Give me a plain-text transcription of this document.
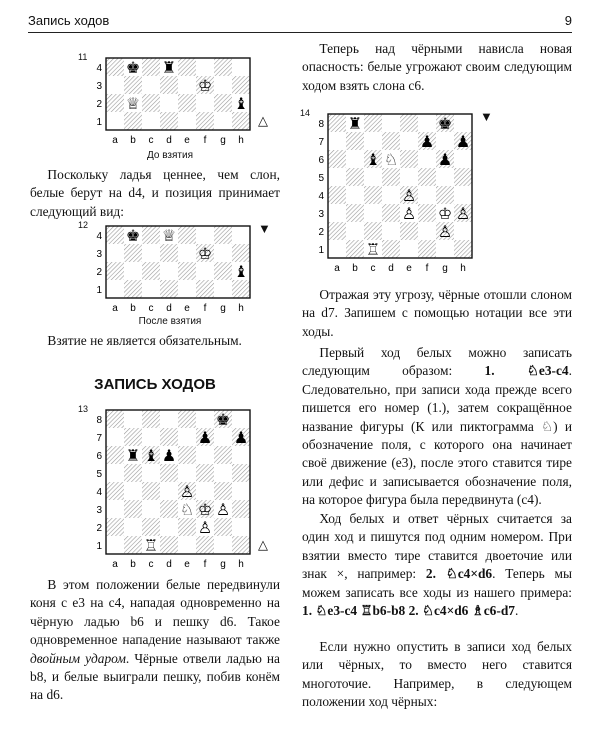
Запись ходов	9
11
4
3
2
1
a b c d e f g h
♚ ♜
♔
♕	♝
△
До взятия

Поскольку ладья ценнее, чем слон, белые берут на d4, и позиция принимает следующий вид:

12
4
3
2
1
a b c d e f g h
♚ ♕
♔
♝
▼
После взятия

Взятие не является обязательным.

ЗАПИСЬ ХОДОВ
13
8
7
6
5
4
3
2
1
a b c d e f g h
♚
♟ ♟
♜ ♝ ♟
♙
♘ ♔ ♙
♙
♖	△

В этом положении белые передвинули коня с e3 на c4, нападая одновременно на чёрную ладью b6 и пешку d6. Такое одновременное нападение называют также двойным ударом. Чёрные отвели ладью на b8, и белые выиграли пешку, побив конём на d6.

Теперь над чёрными нависла новая опасность: белые угрожают своим следующим ходом взять слона c6.

14
8
7
6
5
4
3
2
1
a b c d e f g h
♜	♚
♟ ♟
♝ ♘ ♟
♙
♙ ♔ ♙
♙
♖
▼

Отражая эту угрозу, чёрные отошли слоном на d7. Запишем с помощью нотации все эти ходы.

Первый ход белых можно записать следующим образом: 1. ♘e3-c4. Следовательно, при записи хода прежде всего пишется его номер (1.), затем сокращённое название фигуры (К или пиктограмма ♘) и обозначение поля, с которого она начинает своё движение (e3), после этого ставится тире или дефис и записывается обозначение поля, на которое фигура была передвинута (c4).

Ход белых и ответ чёрных считается за один ход и пишутся под одним номером. При взятии вместо тире ставится двоеточие или знак ×, например: 2. ♘c4×d6. Теперь мы можем записать все ходы из нашего примера: 1. ♘e3-c4 ♖b6-b8 2. ♘c4×d6 ♗c6-d7.

Если нужно опустить в записи ход белых или чёрных, то вместо него ставится многоточие. Например, в следующем положении ход чёрных:
